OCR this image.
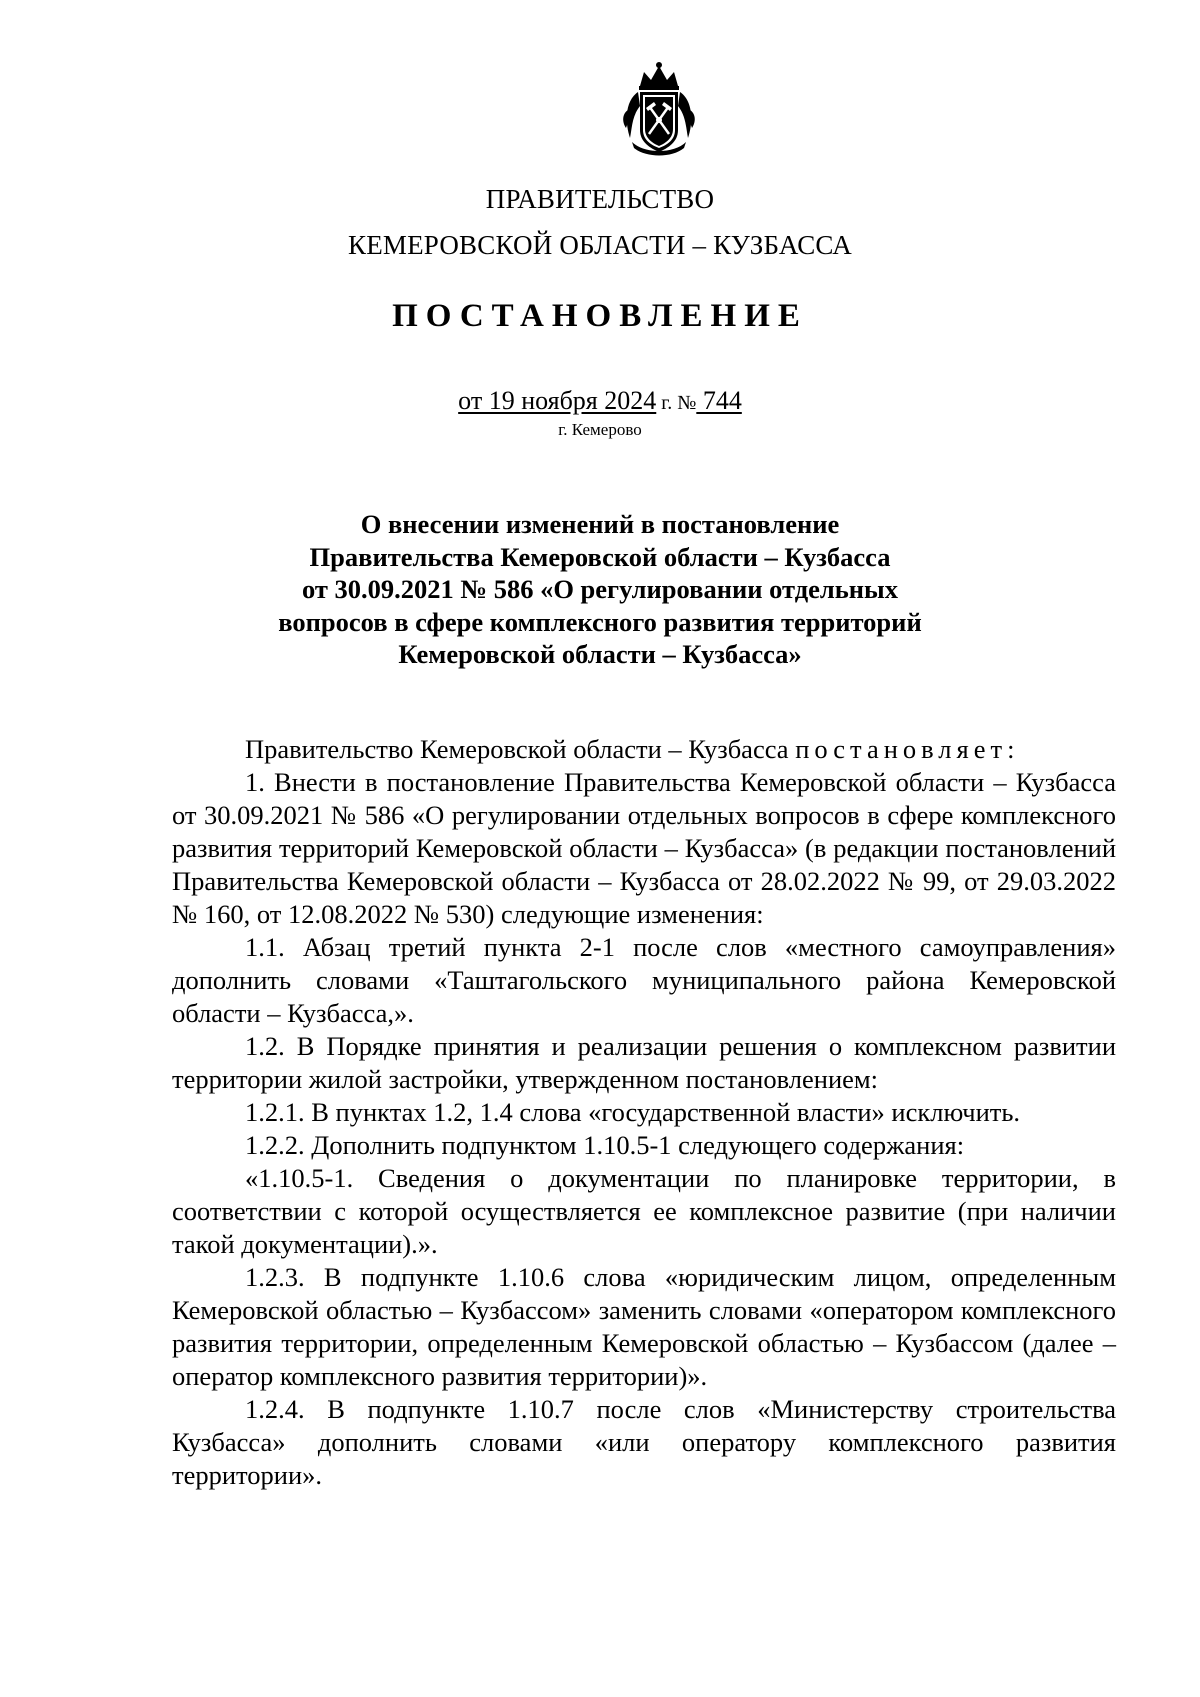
ПРАВИТЕЛЬСТВО
КЕМЕРОВСКОЙ ОБЛАСТИ – КУЗБАССА
ПОСТАНОВЛЕНИЕ
от 19 ноября 2024 г. № 744
г. Кемерово
О внесении изменений в постановление
Правительства Кемеровской области – Кузбасса
от 30.09.2021 № 586 «О регулировании отдельных
вопросов в сфере комплексного развития территорий
Кемеровской области – Кузбасса»

Правительство Кемеровской области – Кузбасса постановляет:

1. Внести в постановление Правительства Кемеровской области – Кузбасса от 30.09.2021 № 586 «О регулировании отдельных вопросов в сфере комплексного развития территорий Кемеровской области – Кузбасса» (в редакции постановлений Правительства Кемеровской области – Кузбасса от 28.02.2022 № 99, от 29.03.2022 № 160, от 12.08.2022 № 530) следующие изменения:

1.1. Абзац третий пункта 2-1 после слов «местного самоуправления» дополнить словами «Таштагольского муниципального района Кемеровской области – Кузбасса,».

1.2. В Порядке принятия и реализации решения о комплексном развитии территории жилой застройки, утвержденном постановлением:

1.2.1. В пунктах 1.2, 1.4 слова «государственной власти» исключить.

1.2.2. Дополнить подпунктом 1.10.5-1 следующего содержания:

«1.10.5-1. Сведения о документации по планировке территории, в соответствии с которой осуществляется ее комплексное развитие (при наличии такой документации).».

1.2.3. В подпункте 1.10.6 слова «юридическим лицом, определенным Кемеровской областью – Кузбассом» заменить словами «оператором комплексного развития территории, определенным Кемеровской областью – Кузбассом (далее – оператор комплексного развития территории)».

1.2.4. В подпункте 1.10.7 после слов «Министерству строительства Кузбасса» дополнить словами «или оператору комплексного развития территории».
